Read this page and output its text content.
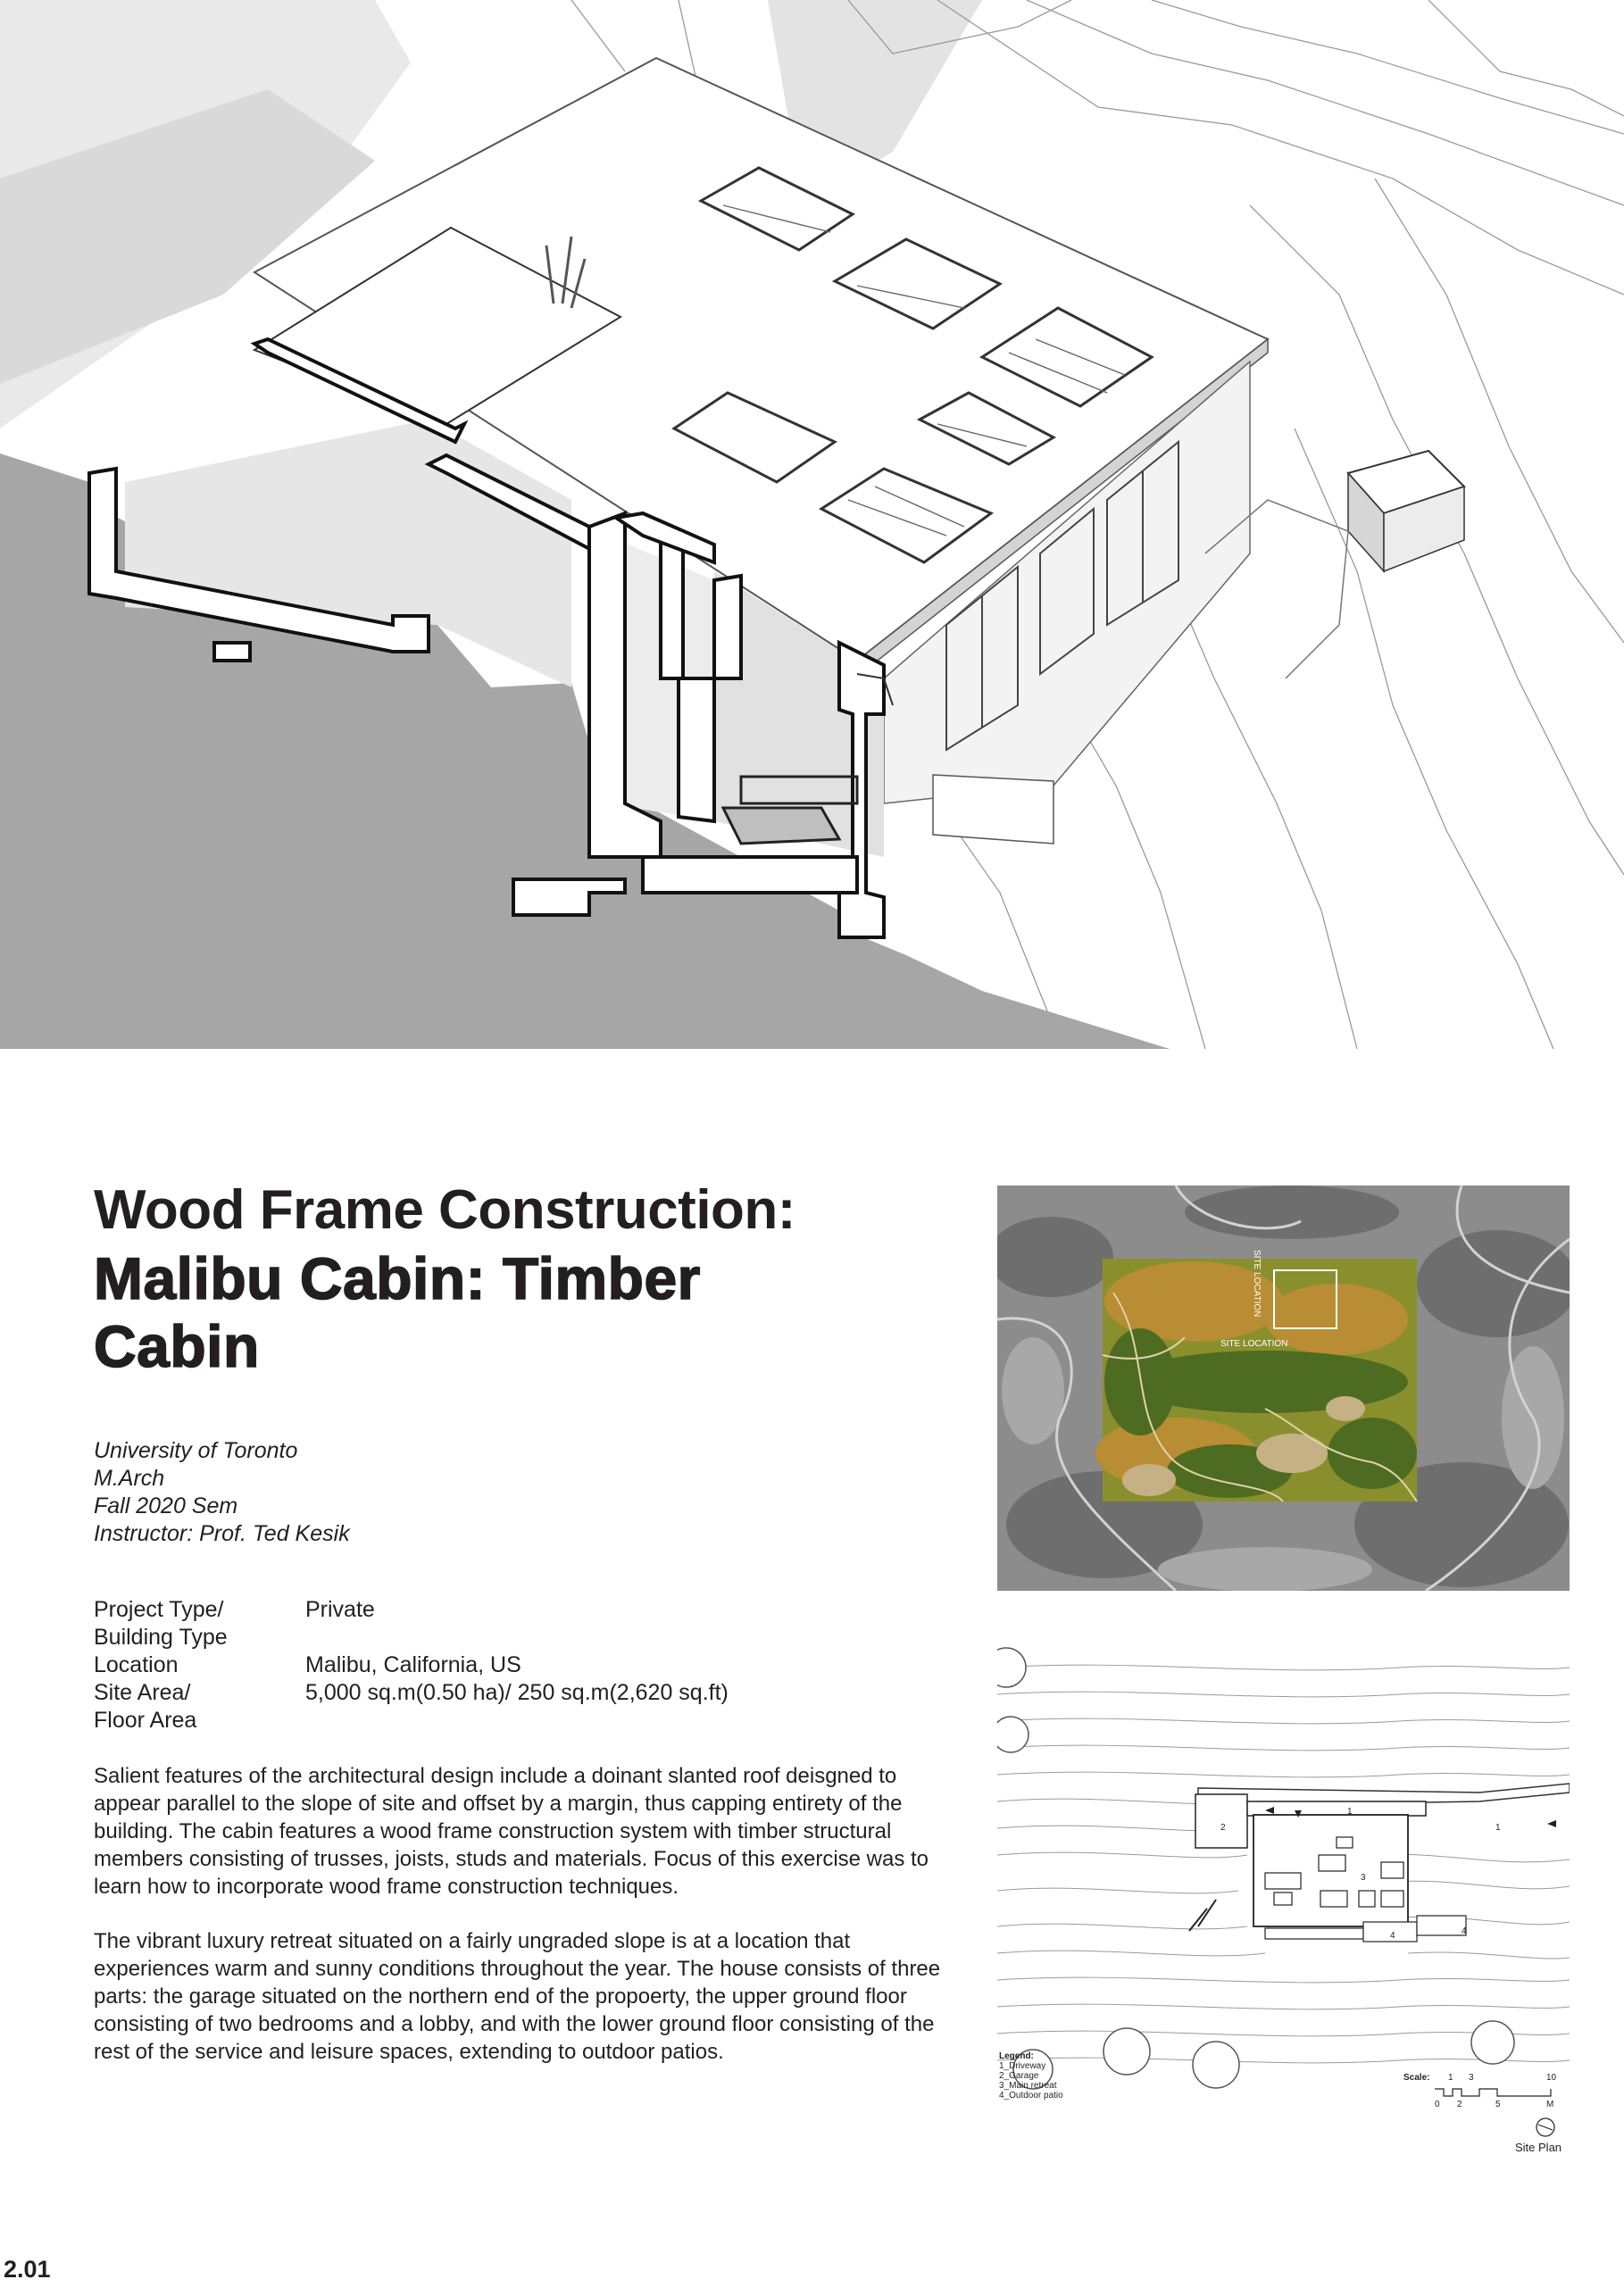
Wood Frame Construction:
Malibu Cabin: Timber
Cabin
University of Toronto
M.Arch
Fall 2020 Sem
Instructor: Prof. Ted Kesik
Project Type/	Private
Building Type
Location	Malibu, California, US
Site Area/	5,000 sq.m(0.50 ha)/ 250 sq.m(2,620 sq.ft)
Floor Area

Salient features of the architectural design include a doinant slanted roof deisgned to appear parallel to the slope of site and offset by a margin, thus capping entirety of the building. The cabin features a wood frame construction system with timber structural members consisting of trusses, joists, studs and materials. Focus of this exercise was to learn how to incorporate wood frame construction techniques.

The vibrant luxury retreat situated on a fairly ungraded slope is at a location that experiences warm and sunny conditions throughout the year. The house consists of three parts: the garage situated on the northern end of the propoerty, the upper ground floor consisting of two bedrooms and a lobby, and with the lower ground floor consisting of the rest of the service and leisure spaces, extending to outdoor patios.

SITE LOCATION
SITE LOCATION
1
1
2
3
4	4
Scale: 1 3	10
0 2	5	M
Legend:
1_Driveway
2_Garage
3_Main retreat
4_Outdoor patio
Site Plan
2.01
